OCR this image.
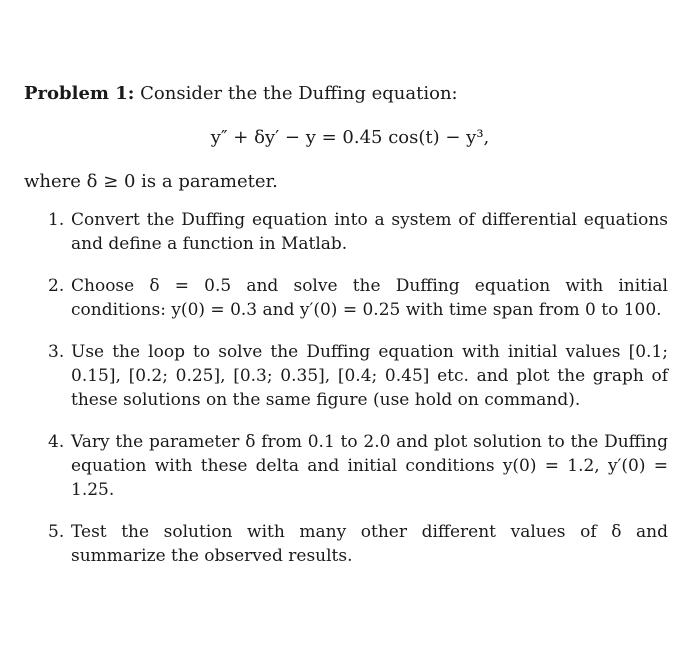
Problem 1: Consider the the Duffing equation:
y″ + δy′ − y = 0.45 cos(t) − y³,
where δ ≥ 0 is a parameter.
1. Convert the Duffing equation into a system of differential equations and define a function in Matlab.
2. Choose δ = 0.5 and solve the Duffing equation with initial conditions: y(0) = 0.3 and y′(0) = 0.25 with time span from 0 to 100.
3. Use the loop to solve the Duffing equation with initial values [0.1; 0.15], [0.2; 0.25], [0.3; 0.35], [0.4; 0.45] etc. and plot the graph of these solutions on the same figure (use hold on command).
4. Vary the parameter δ from 0.1 to 2.0 and plot solution to the Duffing equation with these delta and initial conditions y(0) = 1.2, y′(0) = 1.25.
5. Test the solution with many other different values of δ and summarize the observed results.
